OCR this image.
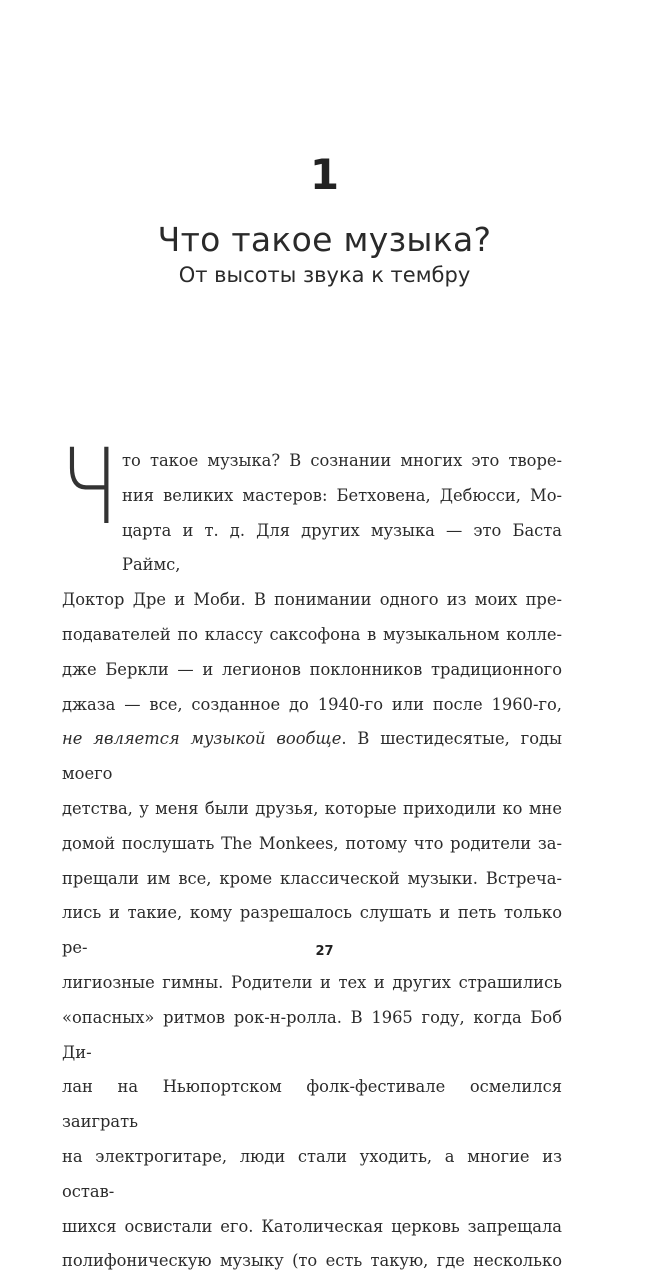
1
Что такое музыка?
От высоты звука к тембру
Ч то такое музыка? В сознании многих это творе-
ния великих мастеров: Бетховена, Дебюсси, Мо-
царта и т. д. Для других музыка — это Баста Раймс,
Доктор Дре и Моби. В понимании одного из моих пре-
подавателей по классу саксофона в музыкальном колле-
дже Беркли — и легионов поклонников традиционного
джаза — все, созданное до 1940-го или после 1960-го,
не является музыкой вообще. В шестидесятые, годы моего
детства, у меня были друзья, которые приходили ко мне
домой послушать The Monkees, потому что родители за-
прещали им все, кроме классической музыки. Встреча-
лись и такие, кому разрешалось слушать и петь только ре-
лигиозные гимны. Родители и тех и других страшились
«опасных» ритмов рок-н-ролла. В 1965 году, когда Боб Ди-
лан на Ньюпортском фолк-фестивале осмелился заиграть
на электрогитаре, люди стали уходить, а многие из остав-
шихся освистали его. Католическая церковь запрещала
полифоническую музыку (то есть такую, где несколько
27
